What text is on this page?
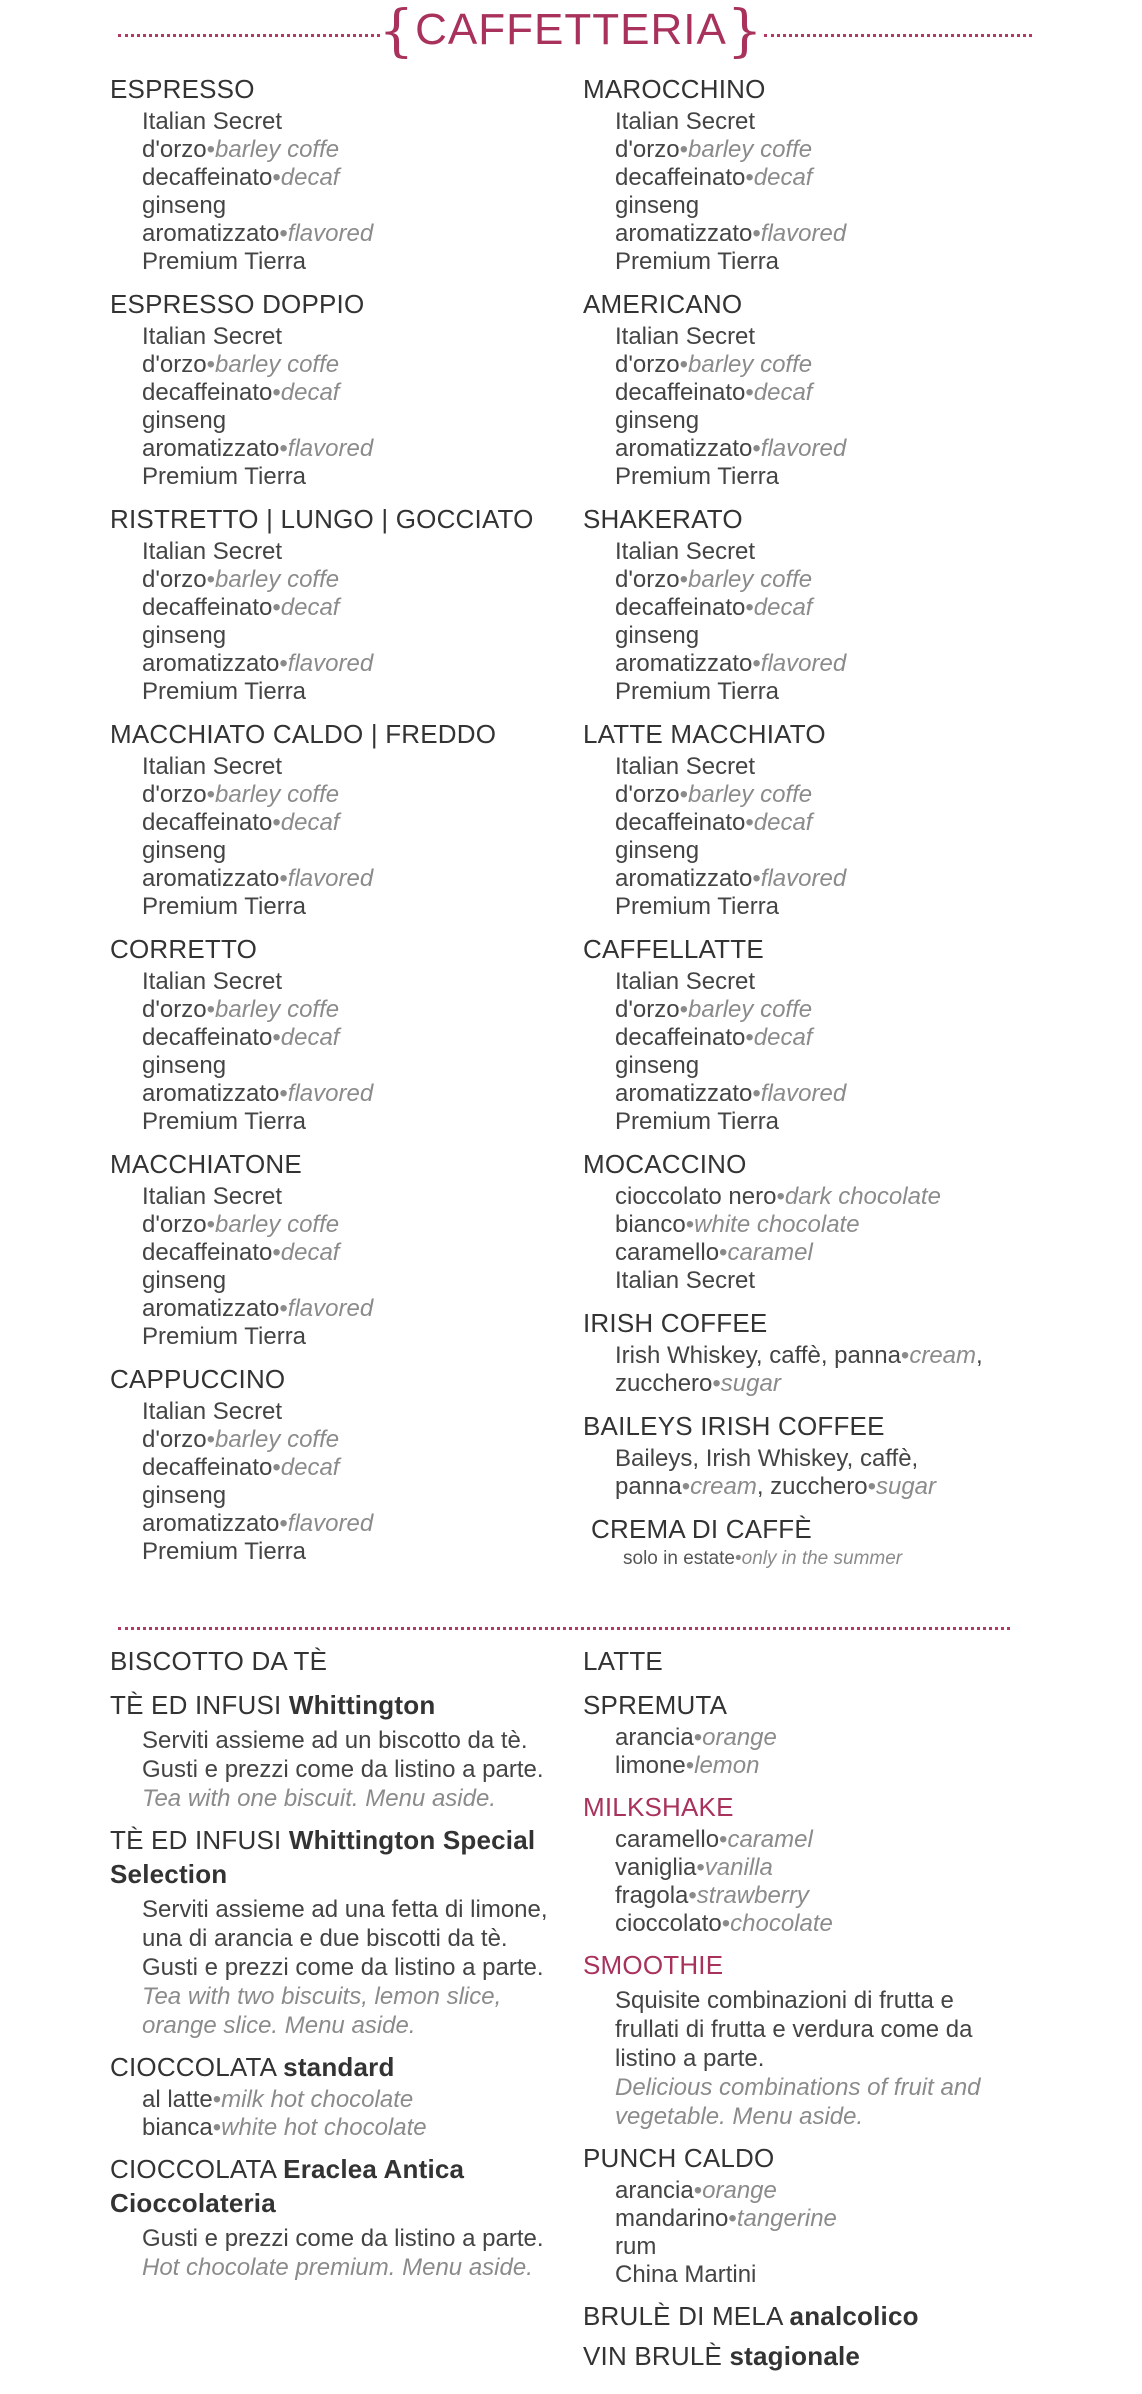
{CAFFETTERIA}
ESPRESSO
Italian Secret
d'orzo•barley coffe
decaffeinato•decaf
ginseng
aromatizzato•flavored
Premium Tierra
ESPRESSO DOPPIO
Italian Secret
d'orzo•barley coffe
decaffeinato•decaf
ginseng
aromatizzato•flavored
Premium Tierra
RISTRETTO | LUNGO | GOCCIATO
Italian Secret
d'orzo•barley coffe
decaffeinato•decaf
ginseng
aromatizzato•flavored
Premium Tierra
MACCHIATO CALDO | FREDDO
Italian Secret
d'orzo•barley coffe
decaffeinato•decaf
ginseng
aromatizzato•flavored
Premium Tierra
CORRETTO
Italian Secret
d'orzo•barley coffe
decaffeinato•decaf
ginseng
aromatizzato•flavored
Premium Tierra
MACCHIATONE
Italian Secret
d'orzo•barley coffe
decaffeinato•decaf
ginseng
aromatizzato•flavored
Premium Tierra
CAPPUCCINO
Italian Secret
d'orzo•barley coffe
decaffeinato•decaf
ginseng
aromatizzato•flavored
Premium Tierra
MAROCCHINO
Italian Secret
d'orzo•barley coffe
decaffeinato•decaf
ginseng
aromatizzato•flavored
Premium Tierra
AMERICANO
Italian Secret
d'orzo•barley coffe
decaffeinato•decaf
ginseng
aromatizzato•flavored
Premium Tierra
SHAKERATO
Italian Secret
d'orzo•barley coffe
decaffeinato•decaf
ginseng
aromatizzato•flavored
Premium Tierra
LATTE MACCHIATO
Italian Secret
d'orzo•barley coffe
decaffeinato•decaf
ginseng
aromatizzato•flavored
Premium Tierra
CAFFELLATTE
Italian Secret
d'orzo•barley coffe
decaffeinato•decaf
ginseng
aromatizzato•flavored
Premium Tierra
MOCACCINO
cioccolato nero•dark chocolate
bianco•white chocolate
caramello•caramel
Italian Secret
IRISH COFFEE
Irish Whiskey, caffè, panna•cream,
zucchero•sugar
BAILEYS IRISH COFFEE
Baileys, Irish Whiskey, caffè,
panna•cream, zucchero•sugar
CREMA DI CAFFÈ
solo in estate•only in the summer
BISCOTTO DA TÈ
TÈ ED INFUSI Whittington
Serviti assieme ad un biscotto da tè. Gusti e prezzi come da listino a parte.
Tea with one biscuit. Menu aside.
TÈ ED INFUSI Whittington Special Selection
Serviti assieme ad una fetta di limone, una di arancia e due biscotti da tè. Gusti e prezzi come da listino a parte.
Tea with two biscuits, lemon slice, orange slice. Menu aside.
CIOCCOLATA standard
al latte•milk hot chocolate
bianca•white hot chocolate
CIOCCOLATA Eraclea Antica Cioccolateria
Gusti e prezzi come da listino a parte.
Hot chocolate premium. Menu aside.
LATTE
SPREMUTA
arancia•orange
limone•lemon
MILKSHAKE
caramello•caramel
vaniglia•vanilla
fragola•strawberry
cioccolato•chocolate
SMOOTHIE
Squisite combinazioni di frutta e frullati di frutta e verdura come da listino a parte.
Delicious combinations of fruit and vegetable. Menu aside.
PUNCH CALDO
arancia•orange
mandarino•tangerine
rum
China Martini
BRULÈ DI MELA analcolico
VIN BRULÈ stagionale
